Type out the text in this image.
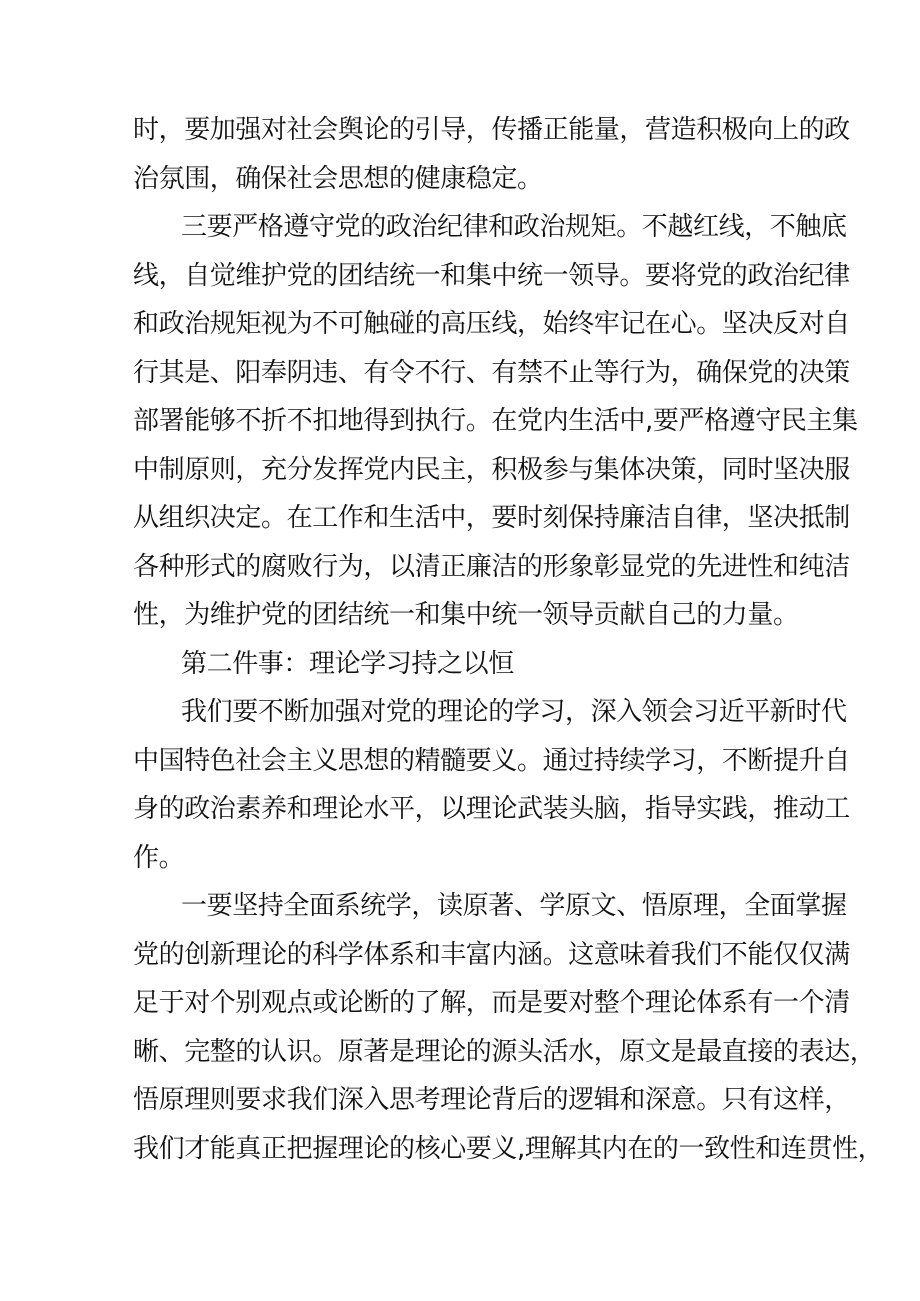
时，要加强对社会舆论的引导，传播正能量，营造积极向上的政
治氛围，确保社会思想的健康稳定。
三要严格遵守党的政治纪律和政治规矩。不越红线，不触底
线，自觉维护党的团结统一和集中统一领导。要将党的政治纪律
和政治规矩视为不可触碰的高压线，始终牢记在心。坚决反对自
行其是、阳奉阴违、有令不行、有禁不止等行为，确保党的决策
部署能够不折不扣地得到执行。在党内生活中,要严格遵守民主集
中制原则，充分发挥党内民主，积极参与集体决策，同时坚决服
从组织决定。在工作和生活中，要时刻保持廉洁自律，坚决抵制
各种形式的腐败行为，以清正廉洁的形象彰显党的先进性和纯洁
性，为维护党的团结统一和集中统一领导贡献自己的力量。
第二件事：理论学习持之以恒
我们要不断加强对党的理论的学习，深入领会习近平新时代
中国特色社会主义思想的精髓要义。通过持续学习，不断提升自
身的政治素养和理论水平，以理论武装头脑，指导实践，推动工
作。
一要坚持全面系统学，读原著、学原文、悟原理，全面掌握
党的创新理论的科学体系和丰富内涵。这意味着我们不能仅仅满
足于对个别观点或论断的了解，而是要对整个理论体系有一个清
晰、完整的认识。原著是理论的源头活水，原文是最直接的表达，
悟原理则要求我们深入思考理论背后的逻辑和深意。只有这样，
我们才能真正把握理论的核心要义,理解其内在的一致性和连贯性，
